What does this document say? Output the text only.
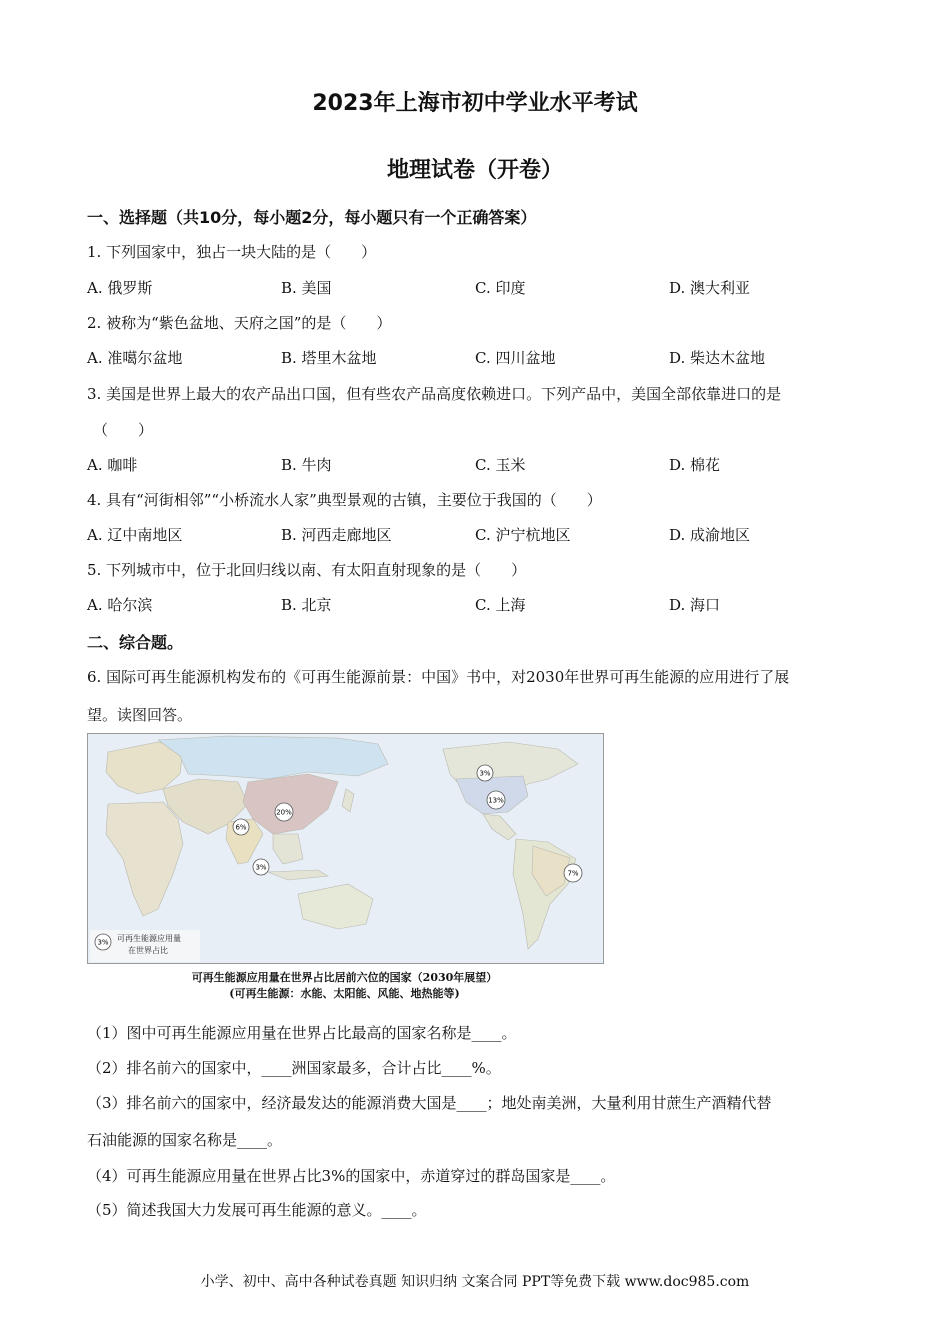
2023年上海市初中学业水平考试
地理试卷（开卷）
一、选择题（共10分，每小题2分，每小题只有一个正确答案）
1. 下列国家中，独占一块大陆的是（　　）
A. 俄罗斯	B. 美国	C. 印度	D. 澳大利亚
2. 被称为“紫色盆地、天府之国”的是（　　）
A. 准噶尔盆地	B. 塔里木盆地	C. 四川盆地	D. 柴达木盆地
3. 美国是世界上最大的农产品出口国，但有些农产品高度依赖进口。下列产品中，美国全部依靠进口的是
（　　）
A. 咖啡	B. 牛肉	C. 玉米	D. 棉花
4. 具有“河街相邻”“小桥流水人家”典型景观的古镇，主要位于我国的（　　）
A. 辽中南地区	B. 河西走廊地区	C. 沪宁杭地区	D. 成渝地区
5. 下列城市中，位于北回归线以南、有太阳直射现象的是（　　）
A. 哈尔滨	B. 北京	C. 上海	D. 海口
二、综合题。
6. 国际可再生能源机构发布的《可再生能源前景：中国》书中，对2030年世界可再生能源的应用进行了展
望。读图回答。
3%
13%
20%
6%
3%
7%
3% 可再生能源应用量
在世界占比
可再生能源应用量在世界占比居前六位的国家（2030年展望）
(可再生能源：水能、太阳能、风能、地热能等)
（1）图中可再生能源应用量在世界占比最高的国家名称是____。
（2）排名前六的国家中，____洲国家最多，合计占比____%。
（3）排名前六的国家中，经济最发达的能源消费大国是____；地处南美洲，大量利用甘蔗生产酒精代替
石油能源的国家名称是____。
（4）可再生能源应用量在世界占比3%的国家中，赤道穿过的群岛国家是____。
（5）简述我国大力发展可再生能源的意义。____。
小学、初中、高中各种试卷真题 知识归纳 文案合同 PPT等免费下载 www.doc985.com
